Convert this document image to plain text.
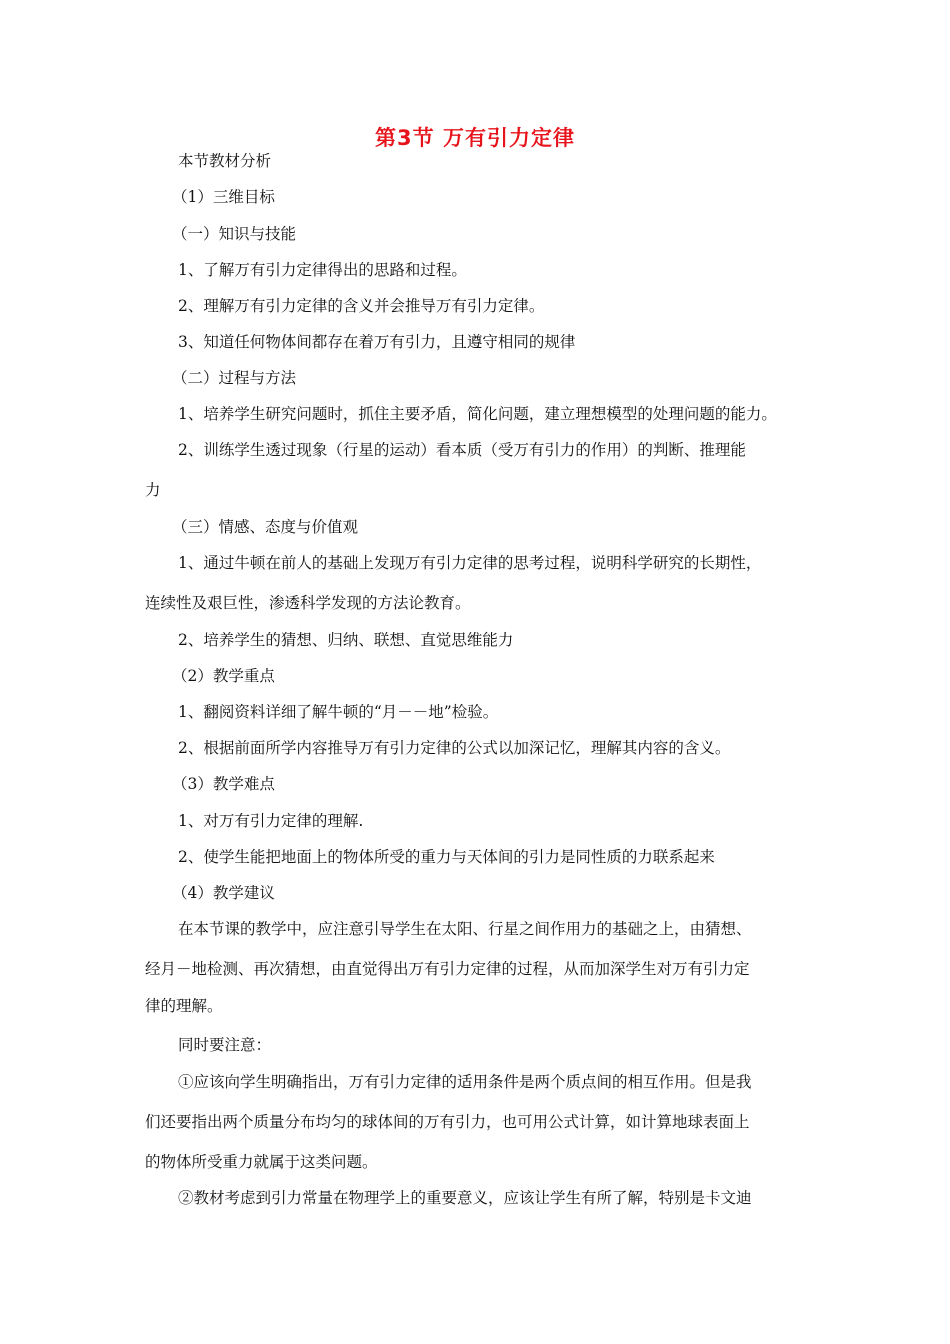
第3节 万有引力定律
本节教材分析
（1）三维目标
（一）知识与技能
1、了解万有引力定律得出的思路和过程。
2、理解万有引力定律的含义并会推导万有引力定律。
3、知道任何物体间都存在着万有引力，且遵守相同的规律
（二）过程与方法
1、培养学生研究问题时，抓住主要矛盾，简化问题，建立理想模型的处理问题的能力。
2、训练学生透过现象（行星的运动）看本质（受万有引力的作用）的判断、推理能
力
（三）情感、态度与价值观
1、通过牛顿在前人的基础上发现万有引力定律的思考过程，说明科学研究的长期性，
连续性及艰巨性，渗透科学发现的方法论教育。
2、培养学生的猜想、归纳、联想、直觉思维能力
（2）教学重点
1、翻阅资料详细了解牛顿的“月－－地”检验。
2、根据前面所学内容推导万有引力定律的公式以加深记忆，理解其内容的含义。
（3）教学难点
1、对万有引力定律的理解.
2、使学生能把地面上的物体所受的重力与天体间的引力是同性质的力联系起来
（4）教学建议
在本节课的教学中，应注意引导学生在太阳、行星之间作用力的基础之上，由猜想、
经月－地检测、再次猜想，由直觉得出万有引力定律的过程，从而加深学生对万有引力定
律的理解。
同时要注意：
①应该向学生明确指出，万有引力定律的适用条件是两个质点间的相互作用。但是我
们还要指出两个质量分布均匀的球体间的万有引力，也可用公式计算，如计算地球表面上
的物体所受重力就属于这类问题。
②教材考虑到引力常量在物理学上的重要意义，应该让学生有所了解，特别是卡文迪
